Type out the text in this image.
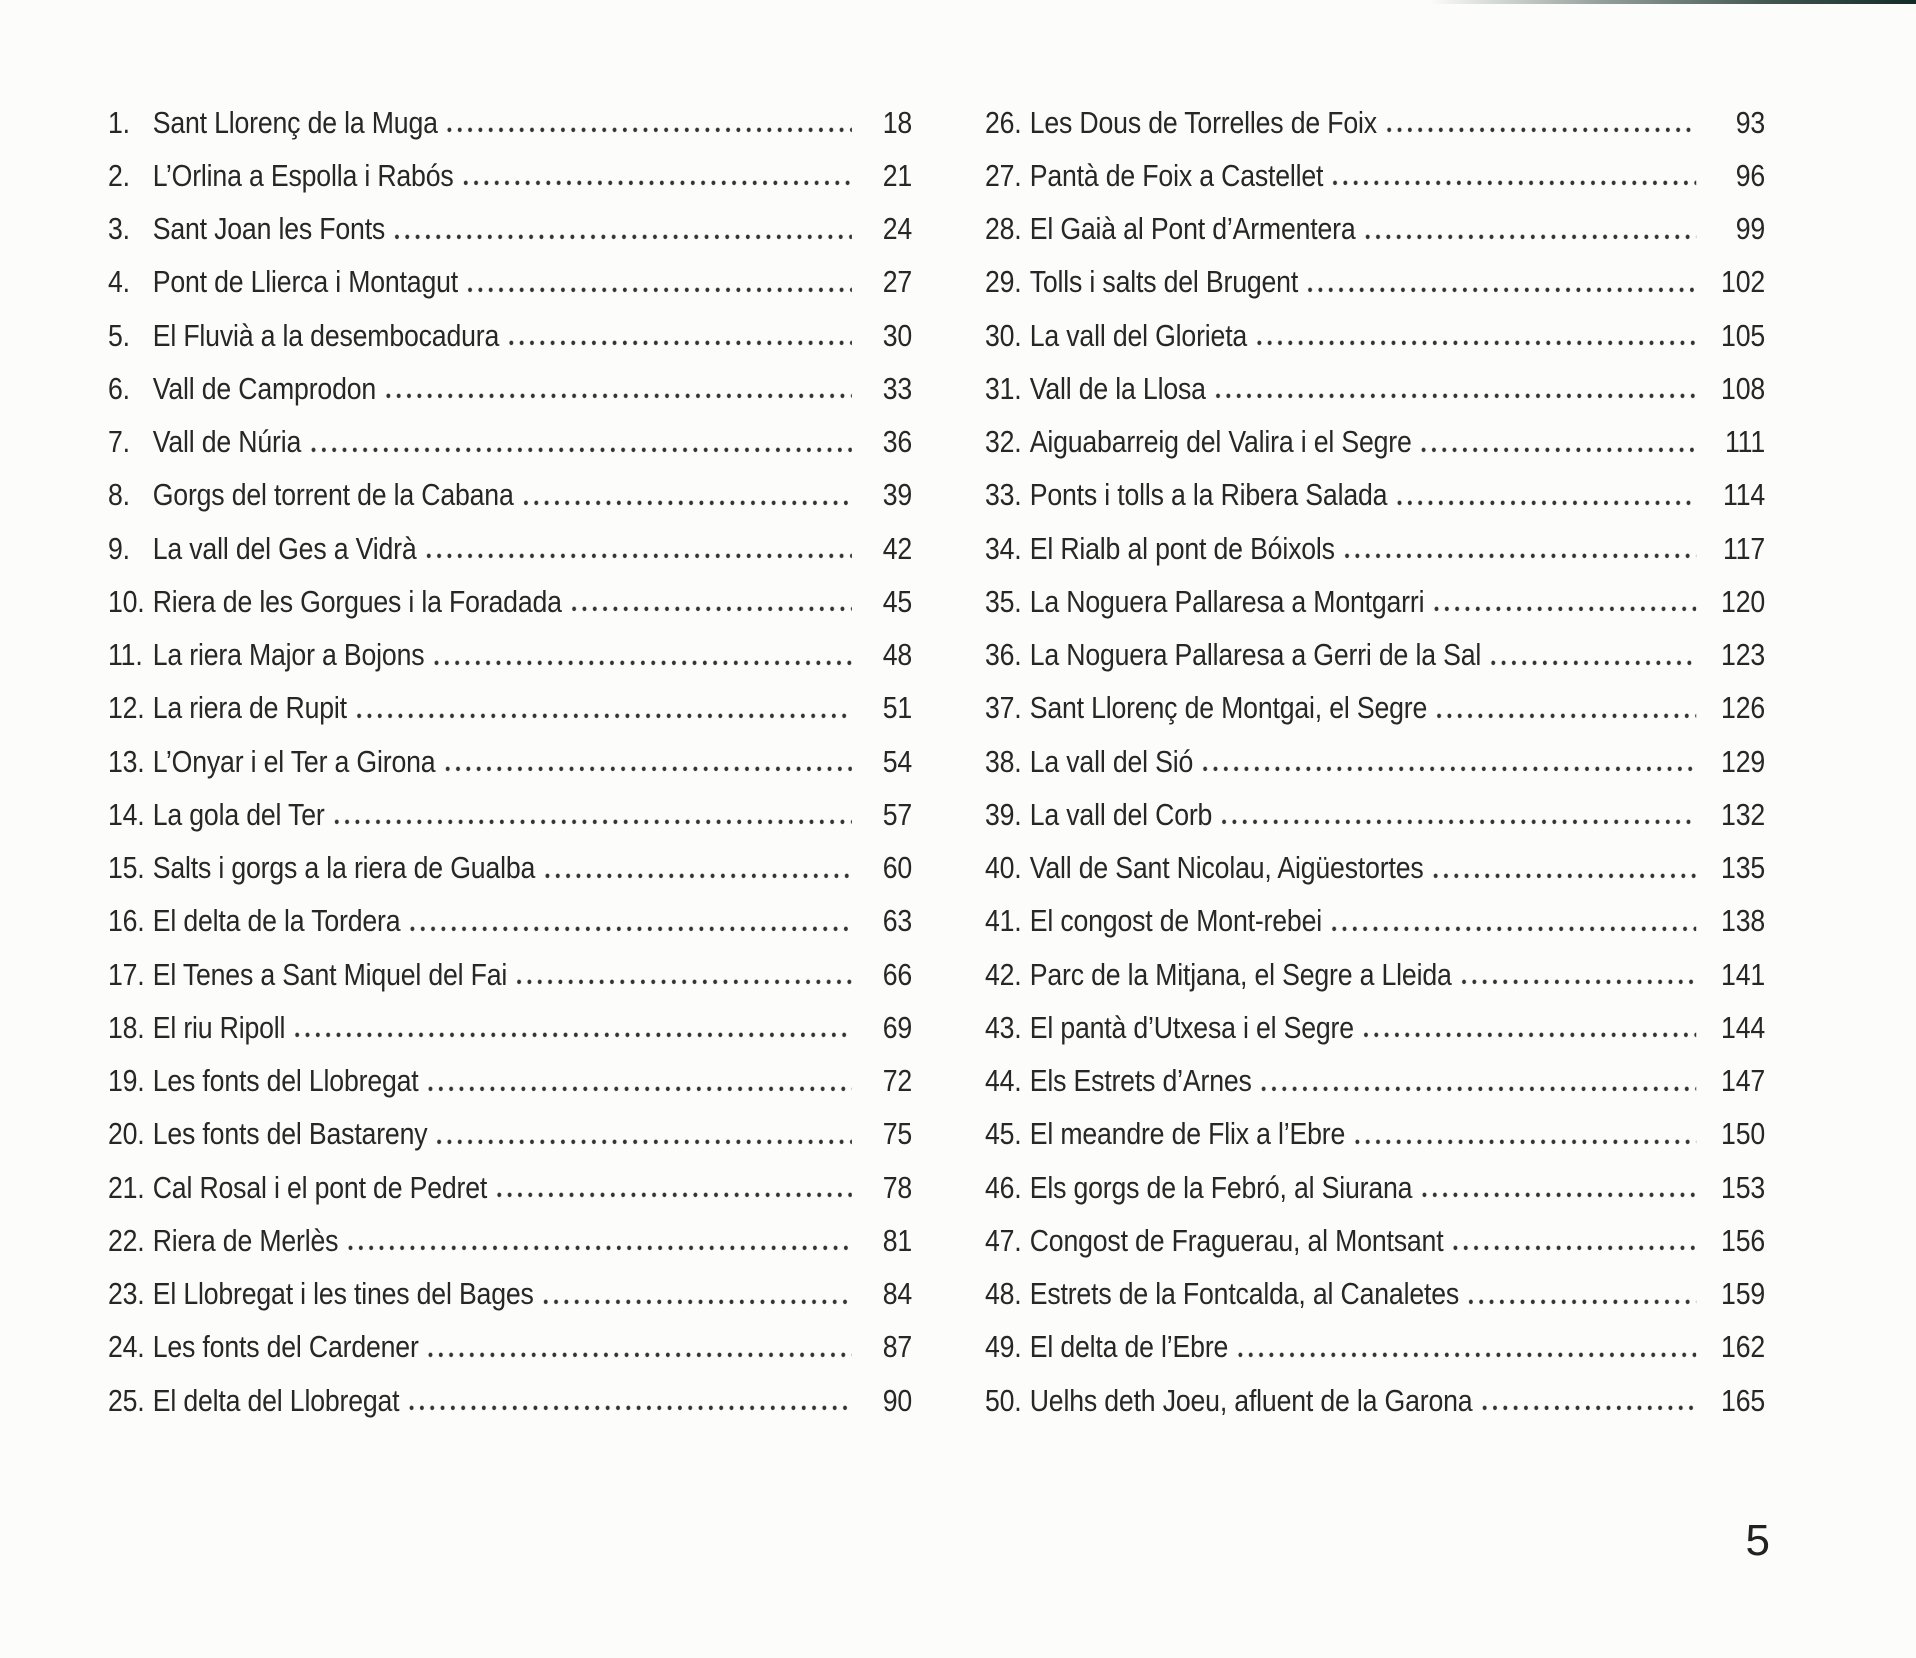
1. Sant Llorenç de la Muga	18
2. L’Orlina a Espolla i Rabós	21
3. Sant Joan les Fonts	24
4. Pont de Llierca i Montagut	27
5. El Fluvià a la desembocadura	30
6. Vall de Camprodon	33
7. Vall de Núria	36
8. Gorgs del torrent de la Cabana	39
9. La vall del Ges a Vidrà	42
10. Riera de les Gorgues i la Foradada	45
11. La riera Major a Bojons	48
12. La riera de Rupit	51
13. L’Onyar i el Ter a Girona	54
14. La gola del Ter	57
15. Salts i gorgs a la riera de Gualba	60
16. El delta de la Tordera	63
17. El Tenes a Sant Miquel del Fai	66
18. El riu Ripoll	69
19. Les fonts del Llobregat	72
20. Les fonts del Bastareny	75
21. Cal Rosal i el pont de Pedret	78
22. Riera de Merlès	81
23. El Llobregat i les tines del Bages	84
24. Les fonts del Cardener	87
25. El delta del Llobregat	90
26. Les Dous de Torrelles de Foix	93
27. Pantà de Foix a Castellet	96
28. El Gaià al Pont d’Armentera	99
29. Tolls i salts del Brugent	102
30. La vall del Glorieta	105
31. Vall de la Llosa	108
32. Aiguabarreig del Valira i el Segre	111
33. Ponts i tolls a la Ribera Salada	114
34. El Rialb al pont de Bóixols	117
35. La Noguera Pallaresa a Montgarri	120
36. La Noguera Pallaresa a Gerri de la Sal	123
37. Sant Llorenç de Montgai, el Segre	126
38. La vall del Sió	129
39. La vall del Corb	132
40. Vall de Sant Nicolau, Aigüestortes	135
41. El congost de Mont-rebei	138
42. Parc de la Mitjana, el Segre a Lleida	141
43. El pantà d’Utxesa i el Segre	144
44. Els Estrets d’Arnes	147
45. El meandre de Flix a l’Ebre	150
46. Els gorgs de la Febró, al Siurana	153
47. Congost de Fraguerau, al Montsant	156
48. Estrets de la Fontcalda, al Canaletes	159
49. El delta de l’Ebre	162
50. Uelhs deth Joeu, afluent de la Garona	165
5
